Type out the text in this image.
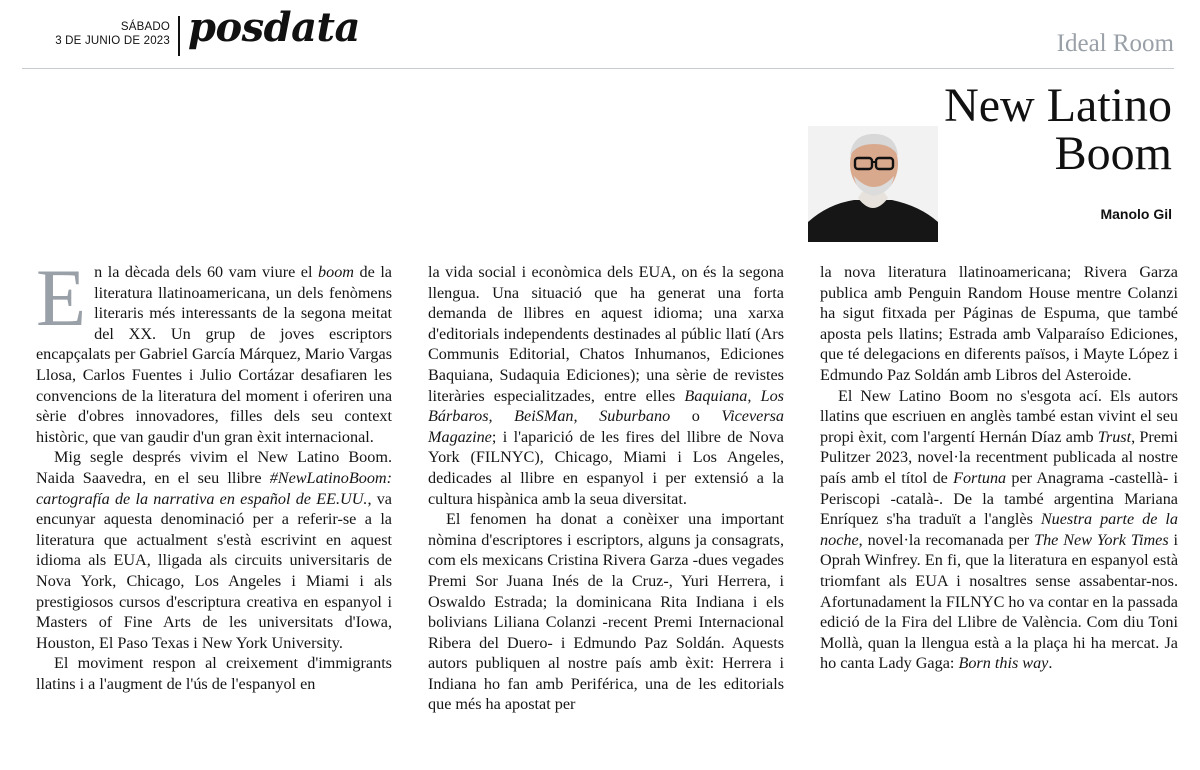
SÁBADO
3 DE JUNIO DE 2023 posdata	Ideal Room
New Latino
Boom
Manolo Gil

En la dècada dels 60 vam viure el boom de la literatura llatinoamericana, un dels fenòmens literaris més interessants de la segona meitat del XX. Un grup de joves escriptors encapçalats per Gabriel García Márquez, Mario Vargas Llosa, Carlos Fuentes i Julio Cortázar desafiaren les convencions de la literatura del moment i oferiren una sèrie d'obres innovadores, filles dels seu context històric, que van gaudir d'un gran èxit internacional.

Mig segle després vivim el New Latino Boom. Naida Saavedra, en el seu llibre #NewLatinoBoom: cartografía de la narrativa en español de EE.UU., va encunyar aquesta denominació per a referir-se a la literatura que actualment s'està escrivint en aquest idioma als EUA, lligada als circuits universitaris de Nova York, Chicago, Los Angeles i Miami i als prestigiosos cursos d'escriptura creativa en espanyol i Masters of Fine Arts de les universitats d'Iowa, Houston, El Paso Texas i New York University.

El moviment respon al creixement d'immigrants llatins i a l'augment de l'ús de l'espanyol en

la vida social i econòmica dels EUA, on és la segona llengua. Una situació que ha generat una forta demanda de llibres en aquest idioma; una xarxa d'editorials independents destinades al públic llatí (Ars Communis Editorial, Chatos Inhumanos, Ediciones Baquiana, Sudaquia Ediciones); una sèrie de revistes literàries especialitzades, entre elles Baquiana, Los Bárbaros, BeiSMan, Suburbano o Viceversa Magazine; i l'aparició de les fires del llibre de Nova York (FILNYC), Chicago, Miami i Los Angeles, dedicades al llibre en espanyol i per extensió a la cultura hispànica amb la seua diversitat.

El fenomen ha donat a conèixer una important nòmina d'escriptores i escriptors, alguns ja consagrats, com els mexicans Cristina Rivera Garza -dues vegades Premi Sor Juana Inés de la Cruz-, Yuri Herrera, i Oswaldo Estrada; la dominicana Rita Indiana i els bolivians Liliana Colanzi -recent Premi Internacional Ribera del Duero- i Edmundo Paz Soldán. Aquests autors publiquen al nostre país amb èxit: Herrera i Indiana ho fan amb Periférica, una de les editorials que més ha apostat per

la nova literatura llatinoamericana; Rivera Garza publica amb Penguin Random House mentre Colanzi ha sigut fitxada per Páginas de Espuma, que també aposta pels llatins; Estrada amb Valparaíso Ediciones, que té delegacions en diferents països, i Mayte López i Edmundo Paz Soldán amb Libros del Asteroide.

El New Latino Boom no s'esgota ací. Els autors llatins que escriuen en anglès també estan vivint el seu propi èxit, com l'argentí Hernán Díaz amb Trust, Premi Pulitzer 2023, novel·la recentment publicada al nostre país amb el títol de Fortuna per Anagrama -castellà- i Periscopi -català-. De la també argentina Mariana Enríquez s'ha traduït a l'anglès Nuestra parte de la noche, novel·la recomanada per The New York Times i Oprah Winfrey. En fi, que la literatura en espanyol està triomfant als EUA i nosaltres sense assabentar-nos. Afortunadament la FILNYC ho va contar en la passada edició de la Fira del Llibre de València. Com diu Toni Mollà, quan la llengua està a la plaça hi ha mercat. Ja ho canta Lady Gaga: Born this way.
